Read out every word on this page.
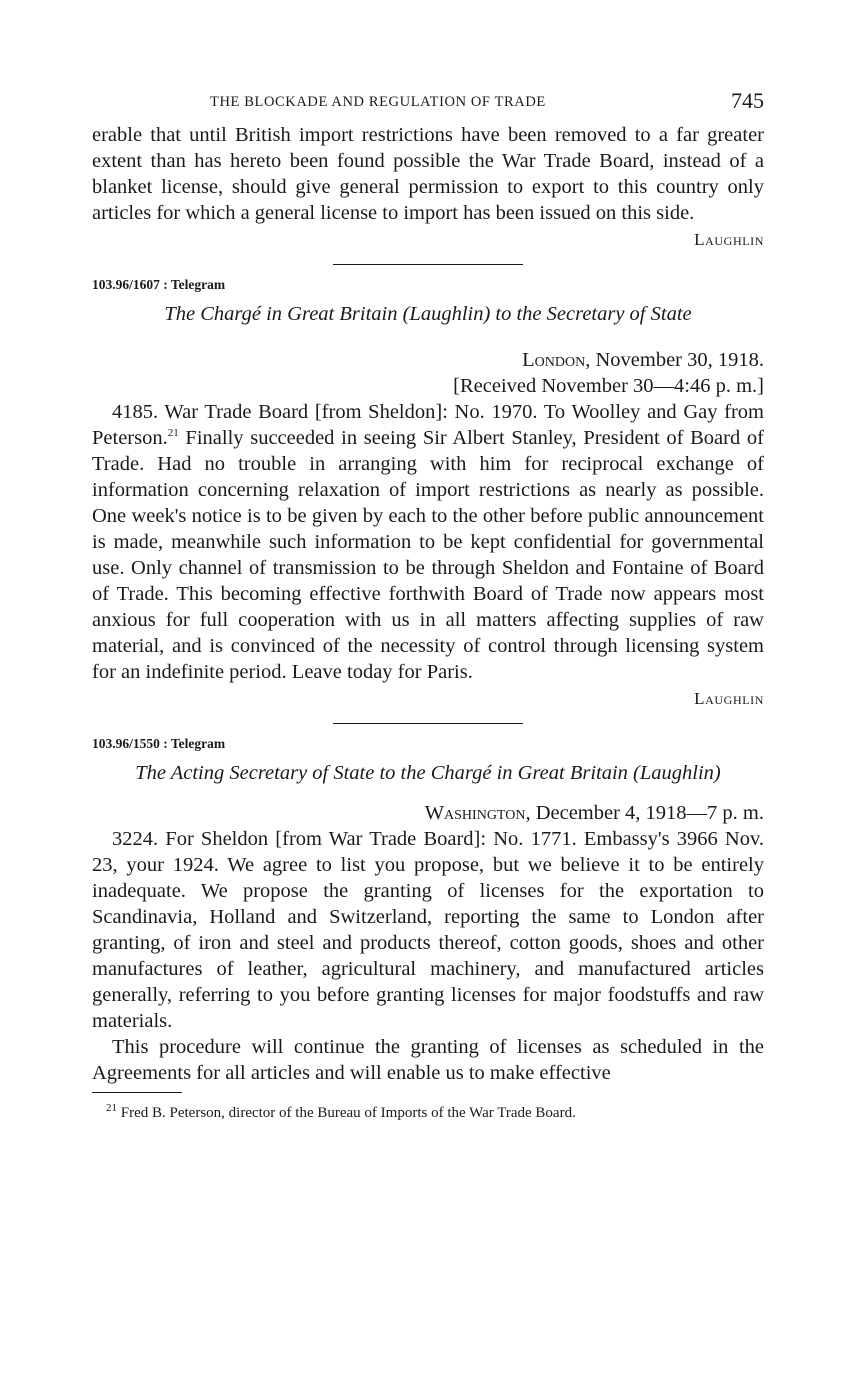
THE BLOCKADE AND REGULATION OF TRADE	745

erable that until British import restrictions have been removed to a far greater extent than has hereto been found possible the War Trade Board, instead of a blanket license, should give general permission to export to this country only articles for which a general license to import has been issued on this side.

Laughlin
103.96/1607 : Telegram
The Chargé in Great Britain (Laughlin) to the Secretary of State
London, November 30, 1918.
[Received November 30—4:46 p. m.]

4185. War Trade Board [from Sheldon]: No. 1970. To Woolley and Gay from Peterson.$^{21}$ Finally succeeded in seeing Sir Albert Stanley, President of Board of Trade. Had no trouble in arranging with him for reciprocal exchange of information concerning relaxation of import restrictions as nearly as possible. One week's notice is to be given by each to the other before public announcement is made, meanwhile such information to be kept confidential for governmental use. Only channel of transmission to be through Sheldon and Fontaine of Board of Trade. This becoming effective forthwith Board of Trade now appears most anxious for full cooperation with us in all matters affecting supplies of raw material, and is convinced of the necessity of control through licensing system for an indefinite period. Leave today for Paris.

Laughlin
103.96/1550 : Telegram
The Acting Secretary of State to the Chargé in Great Britain (Laughlin)
Washington, December 4, 1918—7 p. m.

3224. For Sheldon [from War Trade Board]: No. 1771. Embassy's 3966 Nov. 23, your 1924. We agree to list you propose, but we believe it to be entirely inadequate. We propose the granting of licenses for the exportation to Scandinavia, Holland and Switzerland, reporting the same to London after granting, of iron and steel and products thereof, cotton goods, shoes and other manufactures of leather, agricultural machinery, and manufactured articles generally, referring to you before granting licenses for major foodstuffs and raw materials.

This procedure will continue the granting of licenses as scheduled in the Agreements for all articles and will enable us to make effective

$^{21}$ Fred B. Peterson, director of the Bureau of Imports of the War Trade Board.
